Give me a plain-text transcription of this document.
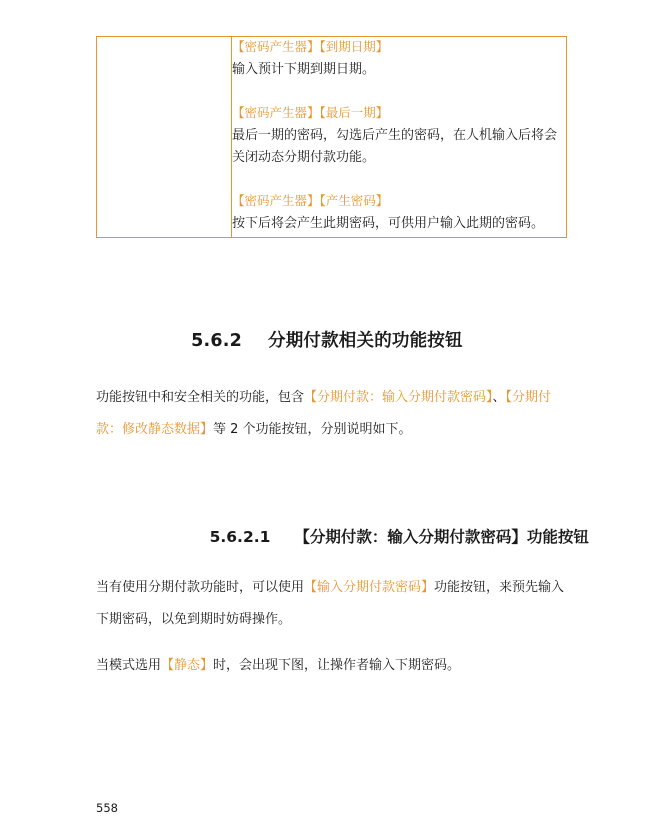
【密码产生器】【到期日期】
输入预计下期到期日期。
【密码产生器】【最后一期】
最后一期的密码，勾选后产生的密码，在人机输入后将会关闭动态分期付款功能。
【密码产生器】【产生密码】
按下后将会产生此期密码，可供用户输入此期的密码。

5.6.2 分期付款相关的功能按钮

功能按钮中和安全相关的功能，包含【分期付款：输入分期付款密码】、【分期付款：修改静态数据】等 2 个功能按钮，分别说明如下。

5.6.2.1 【分期付款：输入分期付款密码】功能按钮

当有使用分期付款功能时，可以使用【输入分期付款密码】功能按钮，来预先输入下期密码，以免到期时妨碍操作。
当模式选用【静态】时，会出现下图，让操作者输入下期密码。
558
